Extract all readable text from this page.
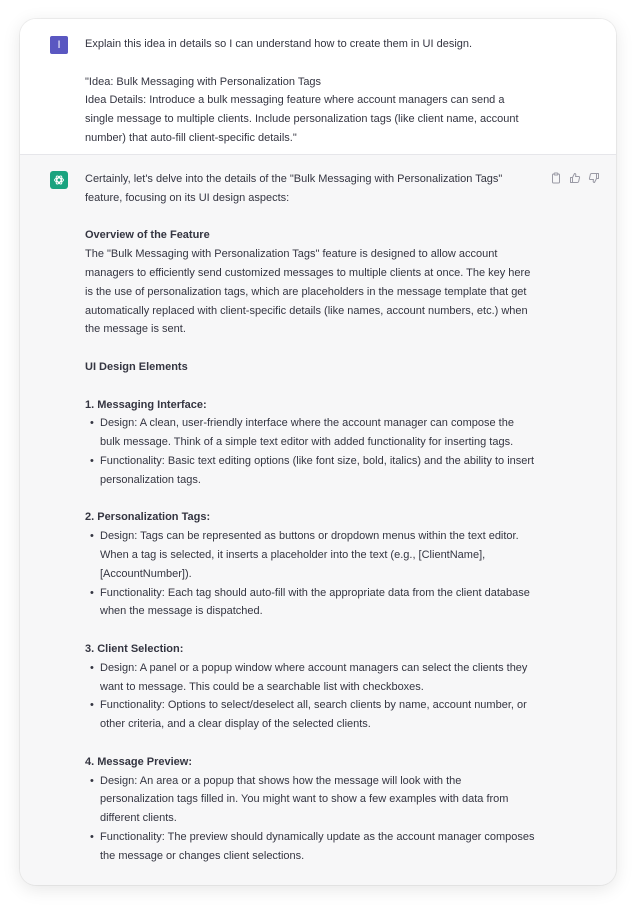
I	Explain this idea in details so I can understand how to create them in UI design.

"Idea: Bulk Messaging with Personalization Tags

Idea Details: Introduce a bulk messaging feature where account managers can send a single message to multiple clients. Include personalization tags (like client name, account number) that auto-fill client-specific details."

Certainly, let's delve into the details of the "Bulk Messaging with Personalization Tags" feature, focusing on its UI design aspects:

Overview of the Feature

The "Bulk Messaging with Personalization Tags" feature is designed to allow account managers to efficiently send customized messages to multiple clients at once. The key here is the use of personalization tags, which are placeholders in the message template that get automatically replaced with client-specific details (like names, account numbers, etc.) when the message is sent.

UI Design Elements

1. Messaging Interface:

• Design: A clean, user-friendly interface where the account manager can compose the bulk message. Think of a simple text editor with added functionality for inserting tags.
• Functionality: Basic text editing options (like font size, bold, italics) and the ability to insert personalization tags.

2. Personalization Tags:

• Design: Tags can be represented as buttons or dropdown menus within the text editor. When a tag is selected, it inserts a placeholder into the text (e.g., [ClientName], [AccountNumber]).
• Functionality: Each tag should auto-fill with the appropriate data from the client database when the message is dispatched.

3. Client Selection:

• Design: A panel or a popup window where account managers can select the clients they want to message. This could be a searchable list with checkboxes.
• Functionality: Options to select/deselect all, search clients by name, account number, or other criteria, and a clear display of the selected clients.

4. Message Preview:

• Design: An area or a popup that shows how the message will look with the personalization tags filled in. You might want to show a few examples with data from different clients.
• Functionality: The preview should dynamically update as the account manager composes the message or changes client selections.
